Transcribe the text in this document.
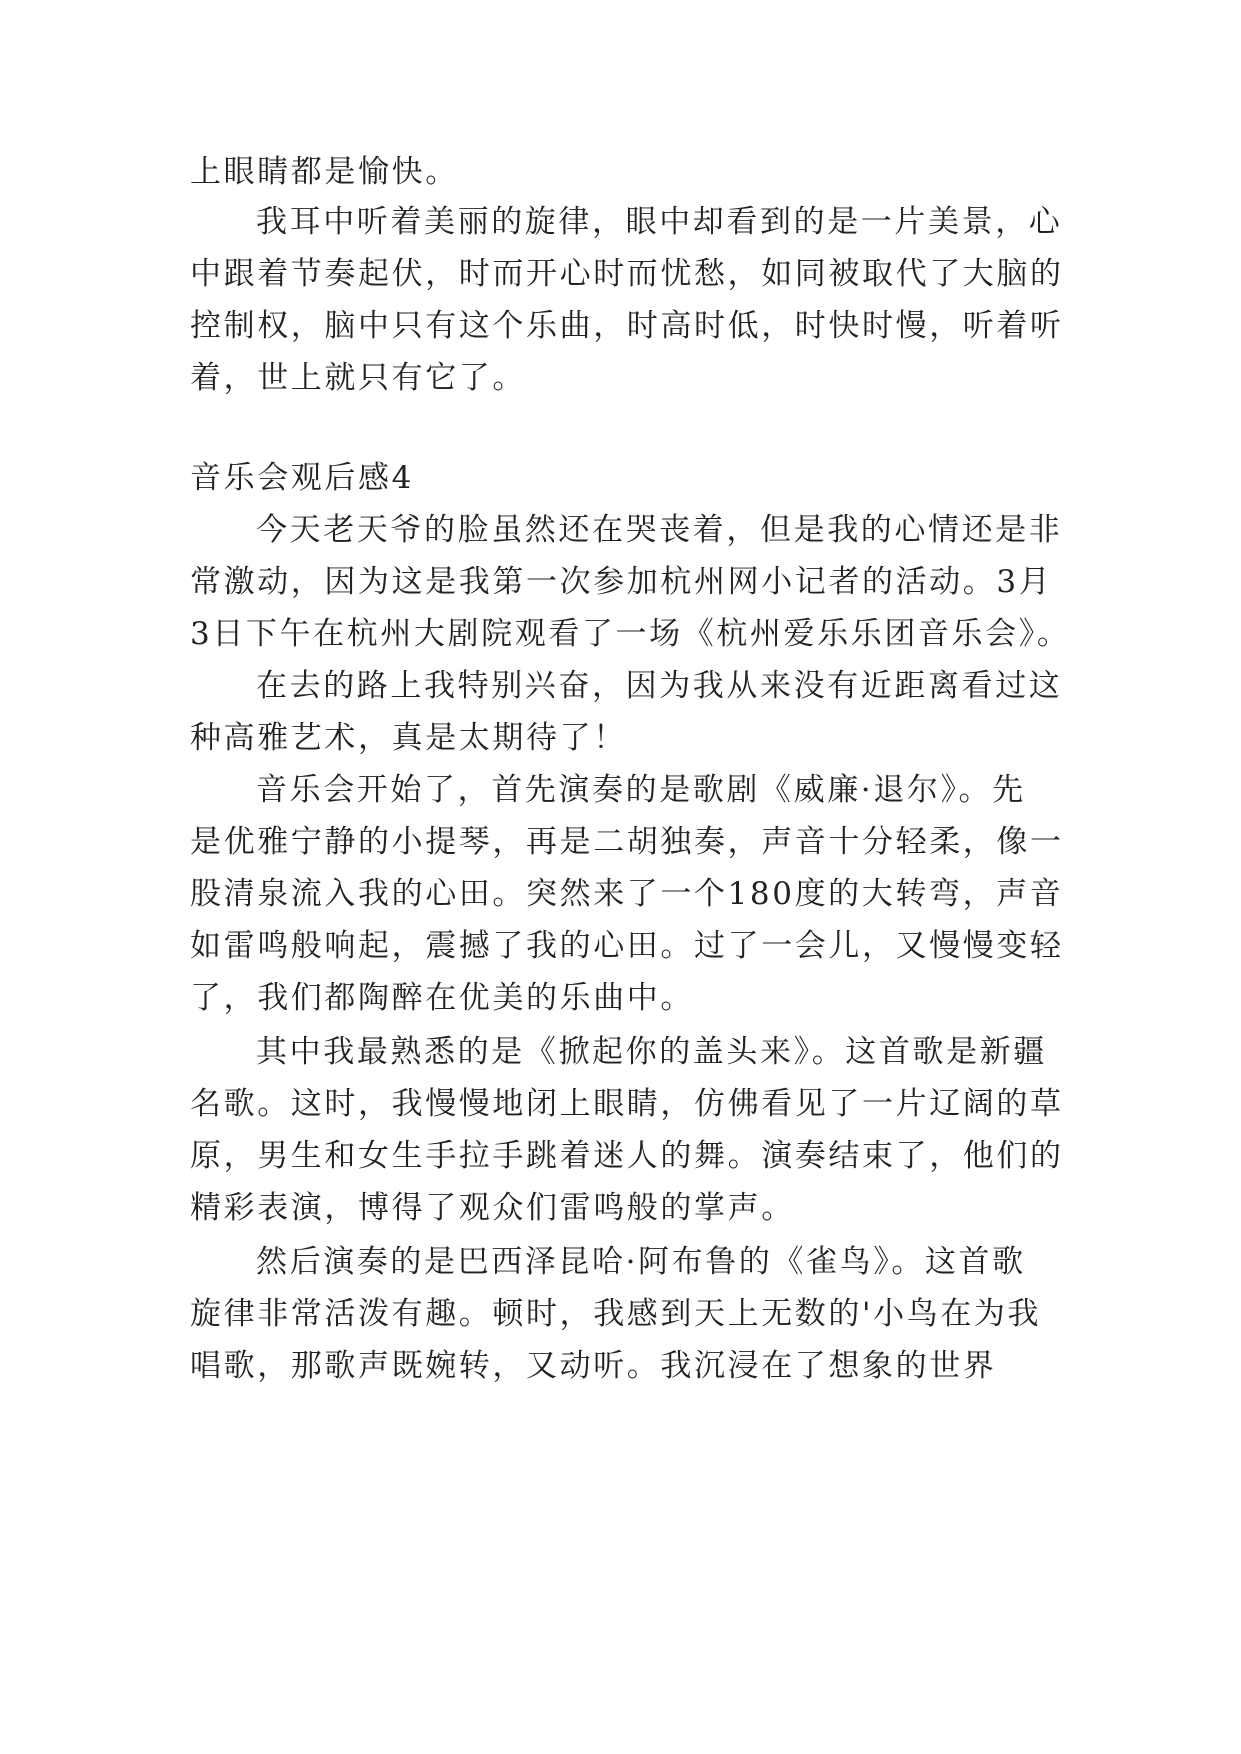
上眼睛都是愉快。
我耳中听着美丽的旋律，眼中却看到的是一片美景，心
中跟着节奏起伏，时而开心时而忧愁，如同被取代了大脑的
控制权，脑中只有这个乐曲，时高时低，时快时慢，听着听
着，世上就只有它了。
音乐会观后感4
今天老天爷的脸虽然还在哭丧着，但是我的心情还是非
常激动，因为这是我第一次参加杭州网小记者的活动。3月
3日下午在杭州大剧院观看了一场《杭州爱乐乐团音乐会》。
在去的路上我特别兴奋，因为我从来没有近距离看过这
种高雅艺术，真是太期待了！
音乐会开始了，首先演奏的是歌剧《威廉·退尔》。先
是优雅宁静的小提琴，再是二胡独奏，声音十分轻柔，像一
股清泉流入我的心田。突然来了一个180度的大转弯，声音
如雷鸣般响起，震撼了我的心田。过了一会儿，又慢慢变轻
了，我们都陶醉在优美的乐曲中。
其中我最熟悉的是《掀起你的盖头来》。这首歌是新疆
名歌。这时，我慢慢地闭上眼睛，仿佛看见了一片辽阔的草
原，男生和女生手拉手跳着迷人的舞。演奏结束了，他们的
精彩表演，博得了观众们雷鸣般的掌声。
然后演奏的是巴西泽昆哈·阿布鲁的《雀鸟》。这首歌
旋律非常活泼有趣。顿时，我感到天上无数的'小鸟在为我
唱歌，那歌声既婉转，又动听。我沉浸在了想象的世界
